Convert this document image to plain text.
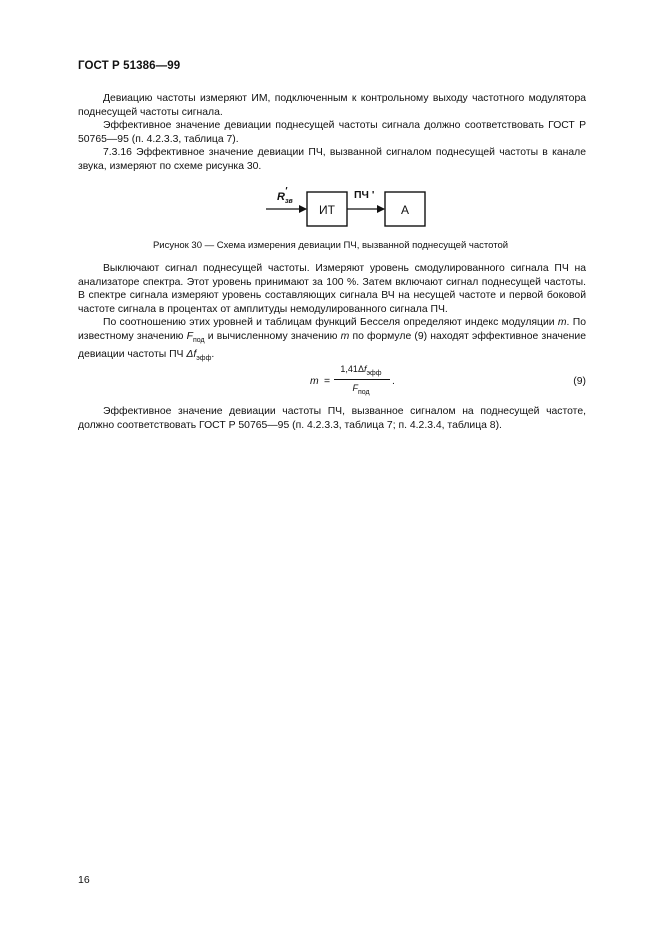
ГОСТ Р 51386—99

Девиацию частоты измеряют ИМ, подключенным к контрольному выходу частотного модулятора поднесущей частоты сигнала.

Эффективное значение девиации поднесущей частоты сигнала должно соответствовать ГОСТ Р 50765—95 (п. 4.2.3.3, таблица 7).

7.3.16 Эффективное значение девиации ПЧ, вызванной сигналом поднесущей частоты в канале звука, измеряют по схеме рисунка 30.

$R_{зв}'$
ИТ
ПЧ '
А
Рисунок 30 — Схема измерения девиации ПЧ, вызванной поднесущей частотой

Выключают сигнал поднесущей частоты. Измеряют уровень смодулированного сигнала ПЧ на анализаторе спектра. Этот уровень принимают за 100 %. Затем включают сигнал поднесущей частоты. В спектре сигнала измеряют уровень составляющих сигнала ВЧ на несущей частоте и первой боковой частоте сигнала в процентах от амплитуды немодулированного сигнала ПЧ.

По соотношению этих уровней и таблицам функций Бесселя определяют индекс модуляции m. По известному значению $F_{под}$ и вычисленному значению m по формуле (9) находят эффективное значение девиации частоты ПЧ $\Delta f_{эфф}$.

m =
$1,41\Delta f_{эфф}$
$F_{под}$
.	(9)

Эффективное значение девиации частоты ПЧ, вызванное сигналом на поднесущей частоте, должно соответствовать ГОСТ Р 50765—95 (п. 4.2.3.3, таблица 7; п. 4.2.3.4, таблица 8).

16
